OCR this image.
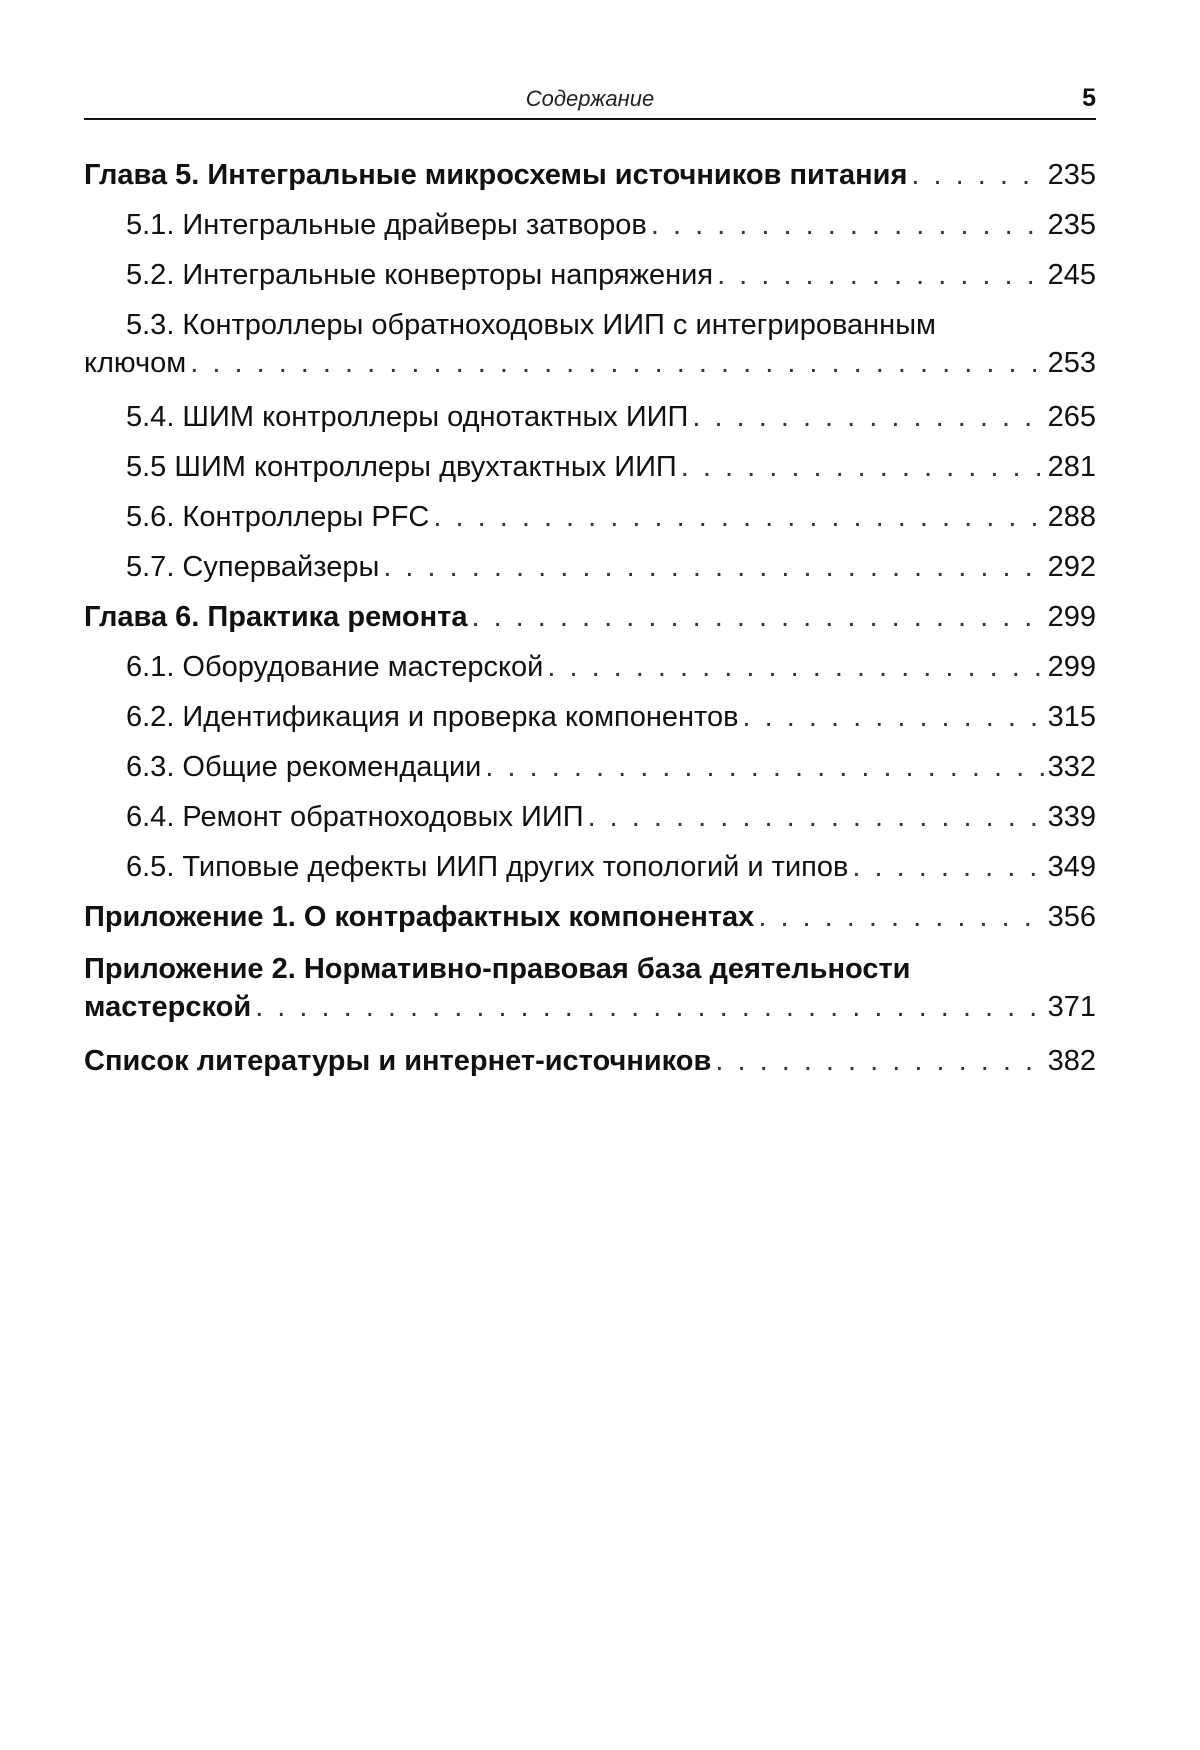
Содержание	5
Глава 5. Интегральные микросхемы источников питания . . .	235
5.1. Интегральные драйверы затворов . . .	235
5.2. Интегральные конверторы напряжения . . .	245
5.3. Контроллеры обратноходовых ИИП с интегрированным
ключом . . .	253
5.4. ШИМ контроллеры однотактных ИИП . . .	265
5.5 ШИМ контроллеры двухтактных ИИП . . .	281
5.6. Контроллеры PFC . . .	288
5.7. Супервайзеры . . .	292
Глава 6. Практика ремонта . . .	299
6.1. Оборудование мастерской . . .	299
6.2. Идентификация и проверка компонентов . . .	315
6.3. Общие рекомендации . . .	332
6.4. Ремонт обратноходовых ИИП . . .	339
6.5. Типовые дефекты ИИП других топологий и типов . . .	349
Приложение 1. О контрафактных компонентах . . .	356
Приложение 2. Нормативно-правовая база деятельности
мастерской . . .	371
Список литературы и интернет-источников . . .	382
